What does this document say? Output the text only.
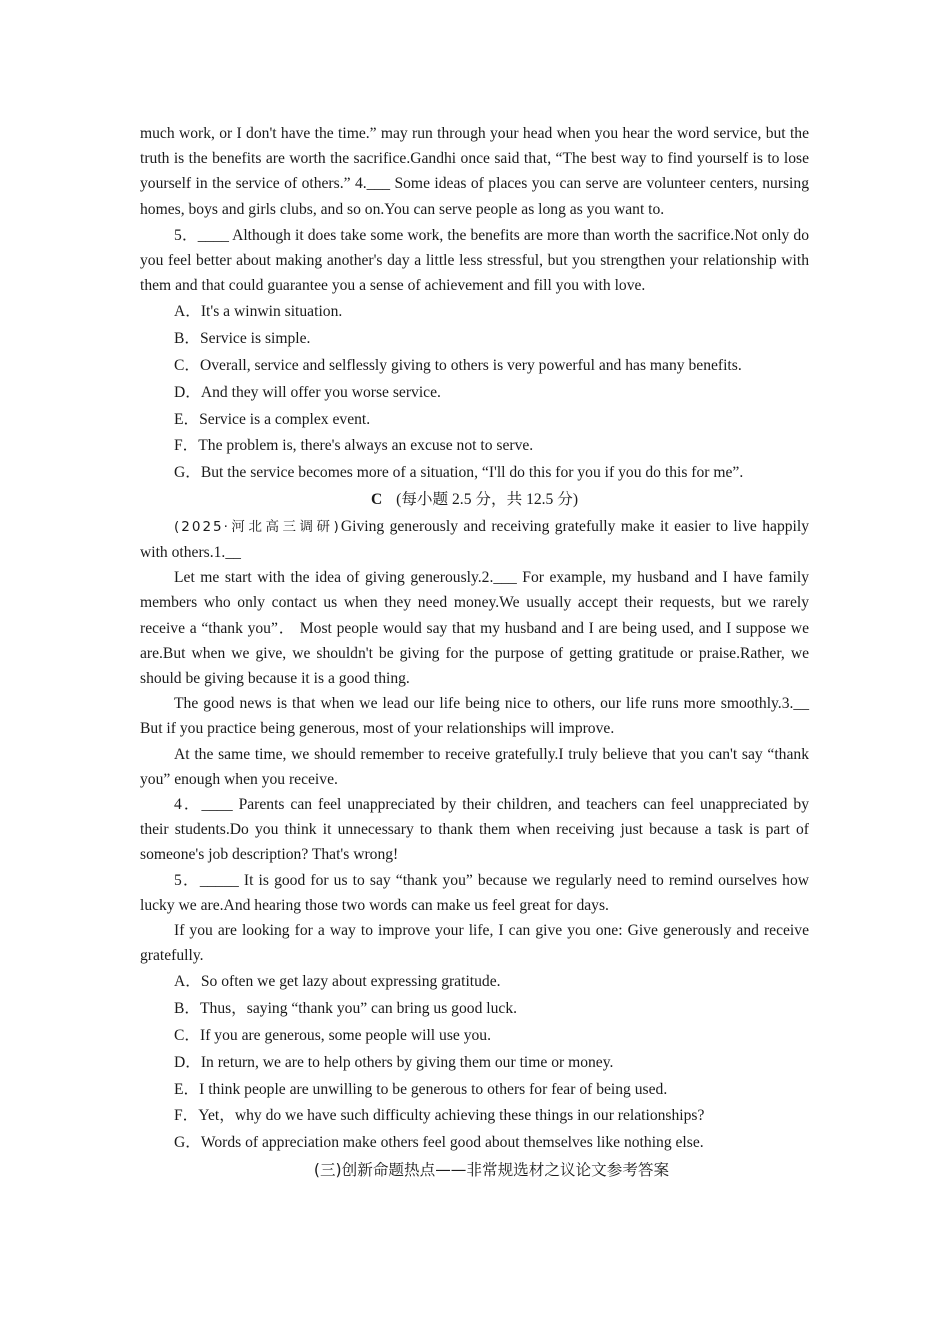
much work, or I don't have the time.” may run through your head when you hear the word service, but the truth is the benefits are worth the sacrifice.Gandhi once said that, “The best way to find yourself is to lose yourself in the service of others.” 4.___ Some ideas of places you can serve are volunteer centers, nursing homes, boys and girls clubs, and so on.You can serve people as long as you want to.

5．____ Although it does take some work, the benefits are more than worth the sacrifice.Not only do you feel better about making another's day a little less stressful, but you strengthen your relationship with them and that could guarantee you a sense of achievement and fill you with love.

A．It's a winwin situation.

B．Service is simple.

C．Overall, service and selflessly giving to others is very powerful and has many benefits.

D．And they will offer you worse service.

E．Service is a complex event.

F．The problem is, there's always an excuse not to serve.

G．But the service becomes more of a situation, “I'll do this for you if you do this for me”.

C (每小题 2.5 分，共 12.5 分)

(2025·河北高三调研)Giving generously and receiving gratefully make it easier to live happily with others.1.__

Let me start with the idea of giving generously.2.___ For example, my husband and I have family members who only contact us when they need money.We usually accept their requests, but we rarely receive a “thank you”． Most people would say that my husband and I are being used, and I suppose we are.But when we give, we shouldn't be giving for the purpose of getting gratitude or praise.Rather, we should be giving because it is a good thing.

The good news is that when we lead our life being nice to others, our life runs more smoothly.3.__ But if you practice being generous, most of your relationships will improve.

At the same time, we should remember to receive gratefully.I truly believe that you can't say “thank you” enough when you receive.

4．____ Parents can feel unappreciated by their children, and teachers can feel unappreciated by their students.Do you think it unnecessary to thank them when receiving just because a task is part of someone's job description? That's wrong!

5．_____ It is good for us to say “thank you” because we regularly need to remind ourselves how lucky we are.And hearing those two words can make us feel great for days.

If you are looking for a way to improve your life, I can give you one: Give generously and receive gratefully.

A．So often we get lazy about expressing gratitude.

B．Thus，saying “thank you” can bring us good luck.

C．If you are generous, some people will use you.

D．In return, we are to help others by giving them our time or money.

E．I think people are unwilling to be generous to others for fear of being used.

F．Yet，why do we have such difficulty achieving these things in our relationships?

G．Words of appreciation make others feel good about themselves like nothing else.

(三)创新命题热点——非常规选材之议论文参考答案
